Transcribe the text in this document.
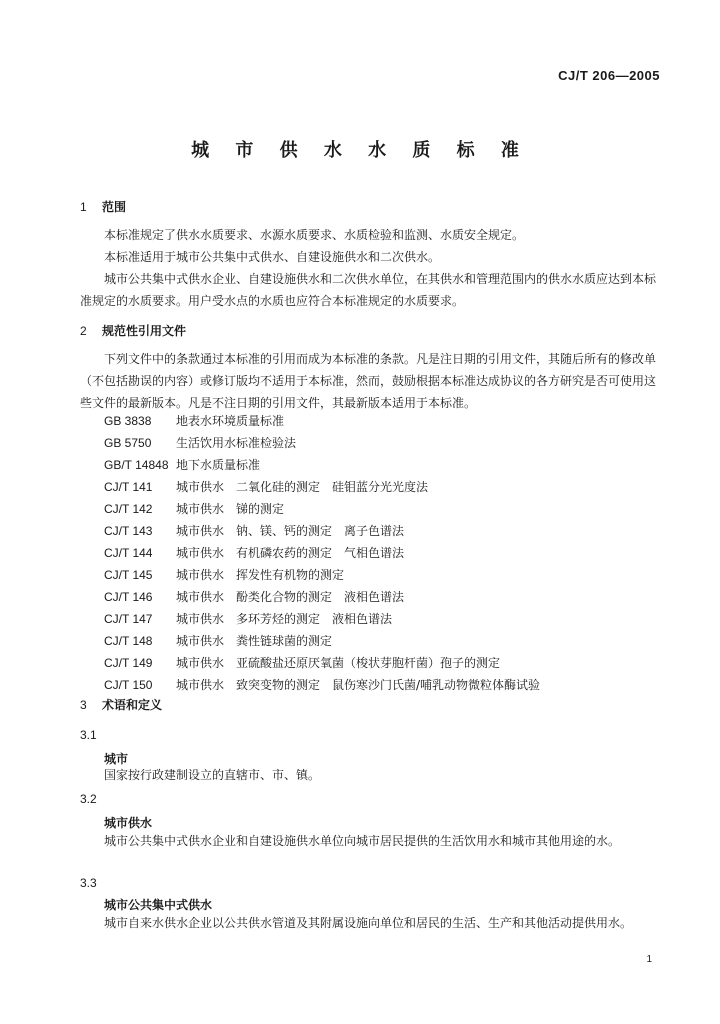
CJ/T 206—2005
城 市 供 水 水 质 标 准
1 范围
本标准规定了供水水质要求、水源水质要求、水质检验和监测、水质安全规定。
本标准适用于城市公共集中式供水、自建设施供水和二次供水。
城市公共集中式供水企业、自建设施供水和二次供水单位，在其供水和管理范围内的供水水质应达到本标准规定的水质要求。用户受水点的水质也应符合本标准规定的水质要求。
2 规范性引用文件
下列文件中的条款通过本标准的引用而成为本标准的条款。凡是注日期的引用文件，其随后所有的修改单（不包括勘误的内容）或修订版均不适用于本标准，然而，鼓励根据本标准达成协议的各方研究是否可使用这些文件的最新版本。凡是不注日期的引用文件，其最新版本适用于本标准。
GB 3838 地表水环境质量标准
GB 5750 生活饮用水标准检验法
GB/T 14848 地下水质量标准
CJ/T 141 城市供水　二氧化硅的测定　硅钼蓝分光光度法
CJ/T 142 城市供水　锑的测定
CJ/T 143 城市供水　钠、镁、钙的测定　离子色谱法
CJ/T 144 城市供水　有机磷农药的测定　气相色谱法
CJ/T 145 城市供水　挥发性有机物的测定
CJ/T 146 城市供水　酚类化合物的测定　液相色谱法
CJ/T 147 城市供水　多环芳烃的测定　液相色谱法
CJ/T 148 城市供水　粪性链球菌的测定
CJ/T 149 城市供水　亚硫酸盐还原厌氧菌（梭状芽胞杆菌）孢子的测定
CJ/T 150 城市供水　致突变物的测定　鼠伤寒沙门氏菌/哺乳动物微粒体酶试验
3 术语和定义
3.1
城市
国家按行政建制设立的直辖市、市、镇。
3.2
城市供水
城市公共集中式供水企业和自建设施供水单位向城市居民提供的生活饮用水和城市其他用途的水。
3.3
城市公共集中式供水
城市自来水供水企业以公共供水管道及其附属设施向单位和居民的生活、生产和其他活动提供用水。
1
